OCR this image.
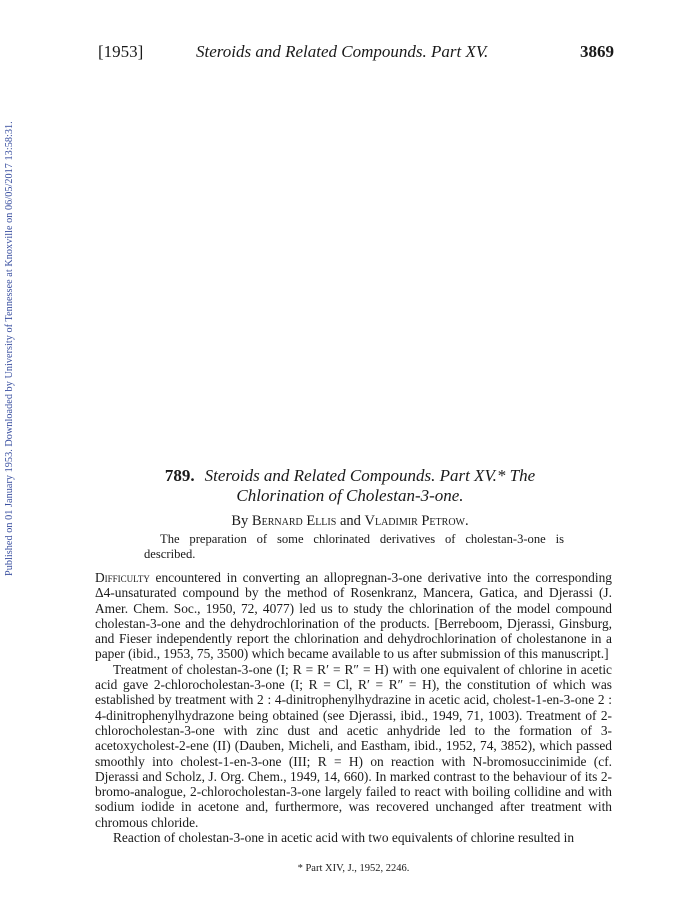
Published on 01 January 1953. Downloaded by University of Tennessee at Knoxville on 06/05/2017 13:58:31.
[1953]	Steroids and Related Compounds. Part XV.	3869
789. Steroids and Related Compounds. Part XV.* The
Chlorination of Cholestan-3-one.
By Bernard Ellis and Vladimir Petrow.

The preparation of some chlorinated derivatives of cholestan-3-one is described.

Difficulty encountered in converting an allopregnan-3-one derivative into the corresponding Δ4-unsaturated compound by the method of Rosenkranz, Mancera, Gatica, and Djerassi (J. Amer. Chem. Soc., 1950, 72, 4077) led us to study the chlorination of the model compound cholestan-3-one and the dehydrochlorination of the products. [Berreboom, Djerassi, Ginsburg, and Fieser independently report the chlorination and dehydrochlorination of cholestanone in a paper (ibid., 1953, 75, 3500) which became available to us after submission of this manuscript.]

Treatment of cholestan-3-one (I; R = R′ = R″ = H) with one equivalent of chlorine in acetic acid gave 2-chlorocholestan-3-one (I; R = Cl, R′ = R″ = H), the constitution of which was established by treatment with 2 : 4-dinitrophenylhydrazine in acetic acid, cholest-1-en-3-one 2 : 4-dinitrophenylhydrazone being obtained (see Djerassi, ibid., 1949, 71, 1003). Treatment of 2-chlorocholestan-3-one with zinc dust and acetic anhydride led to the formation of 3-acetoxycholest-2-ene (II) (Dauben, Micheli, and Eastham, ibid., 1952, 74, 3852), which passed smoothly into cholest-1-en-3-one (III; R = H) on reaction with N-bromosuccinimide (cf. Djerassi and Scholz, J. Org. Chem., 1949, 14, 660). In marked contrast to the behaviour of its 2-bromo-analogue, 2-chlorocholestan-3-one largely failed to react with boiling collidine and with sodium iodide in acetone and, furthermore, was recovered unchanged after treatment with chromous chloride.

Reaction of cholestan-3-one in acetic acid with two equivalents of chlorine resulted in

* Part XIV, J., 1952, 2246.
